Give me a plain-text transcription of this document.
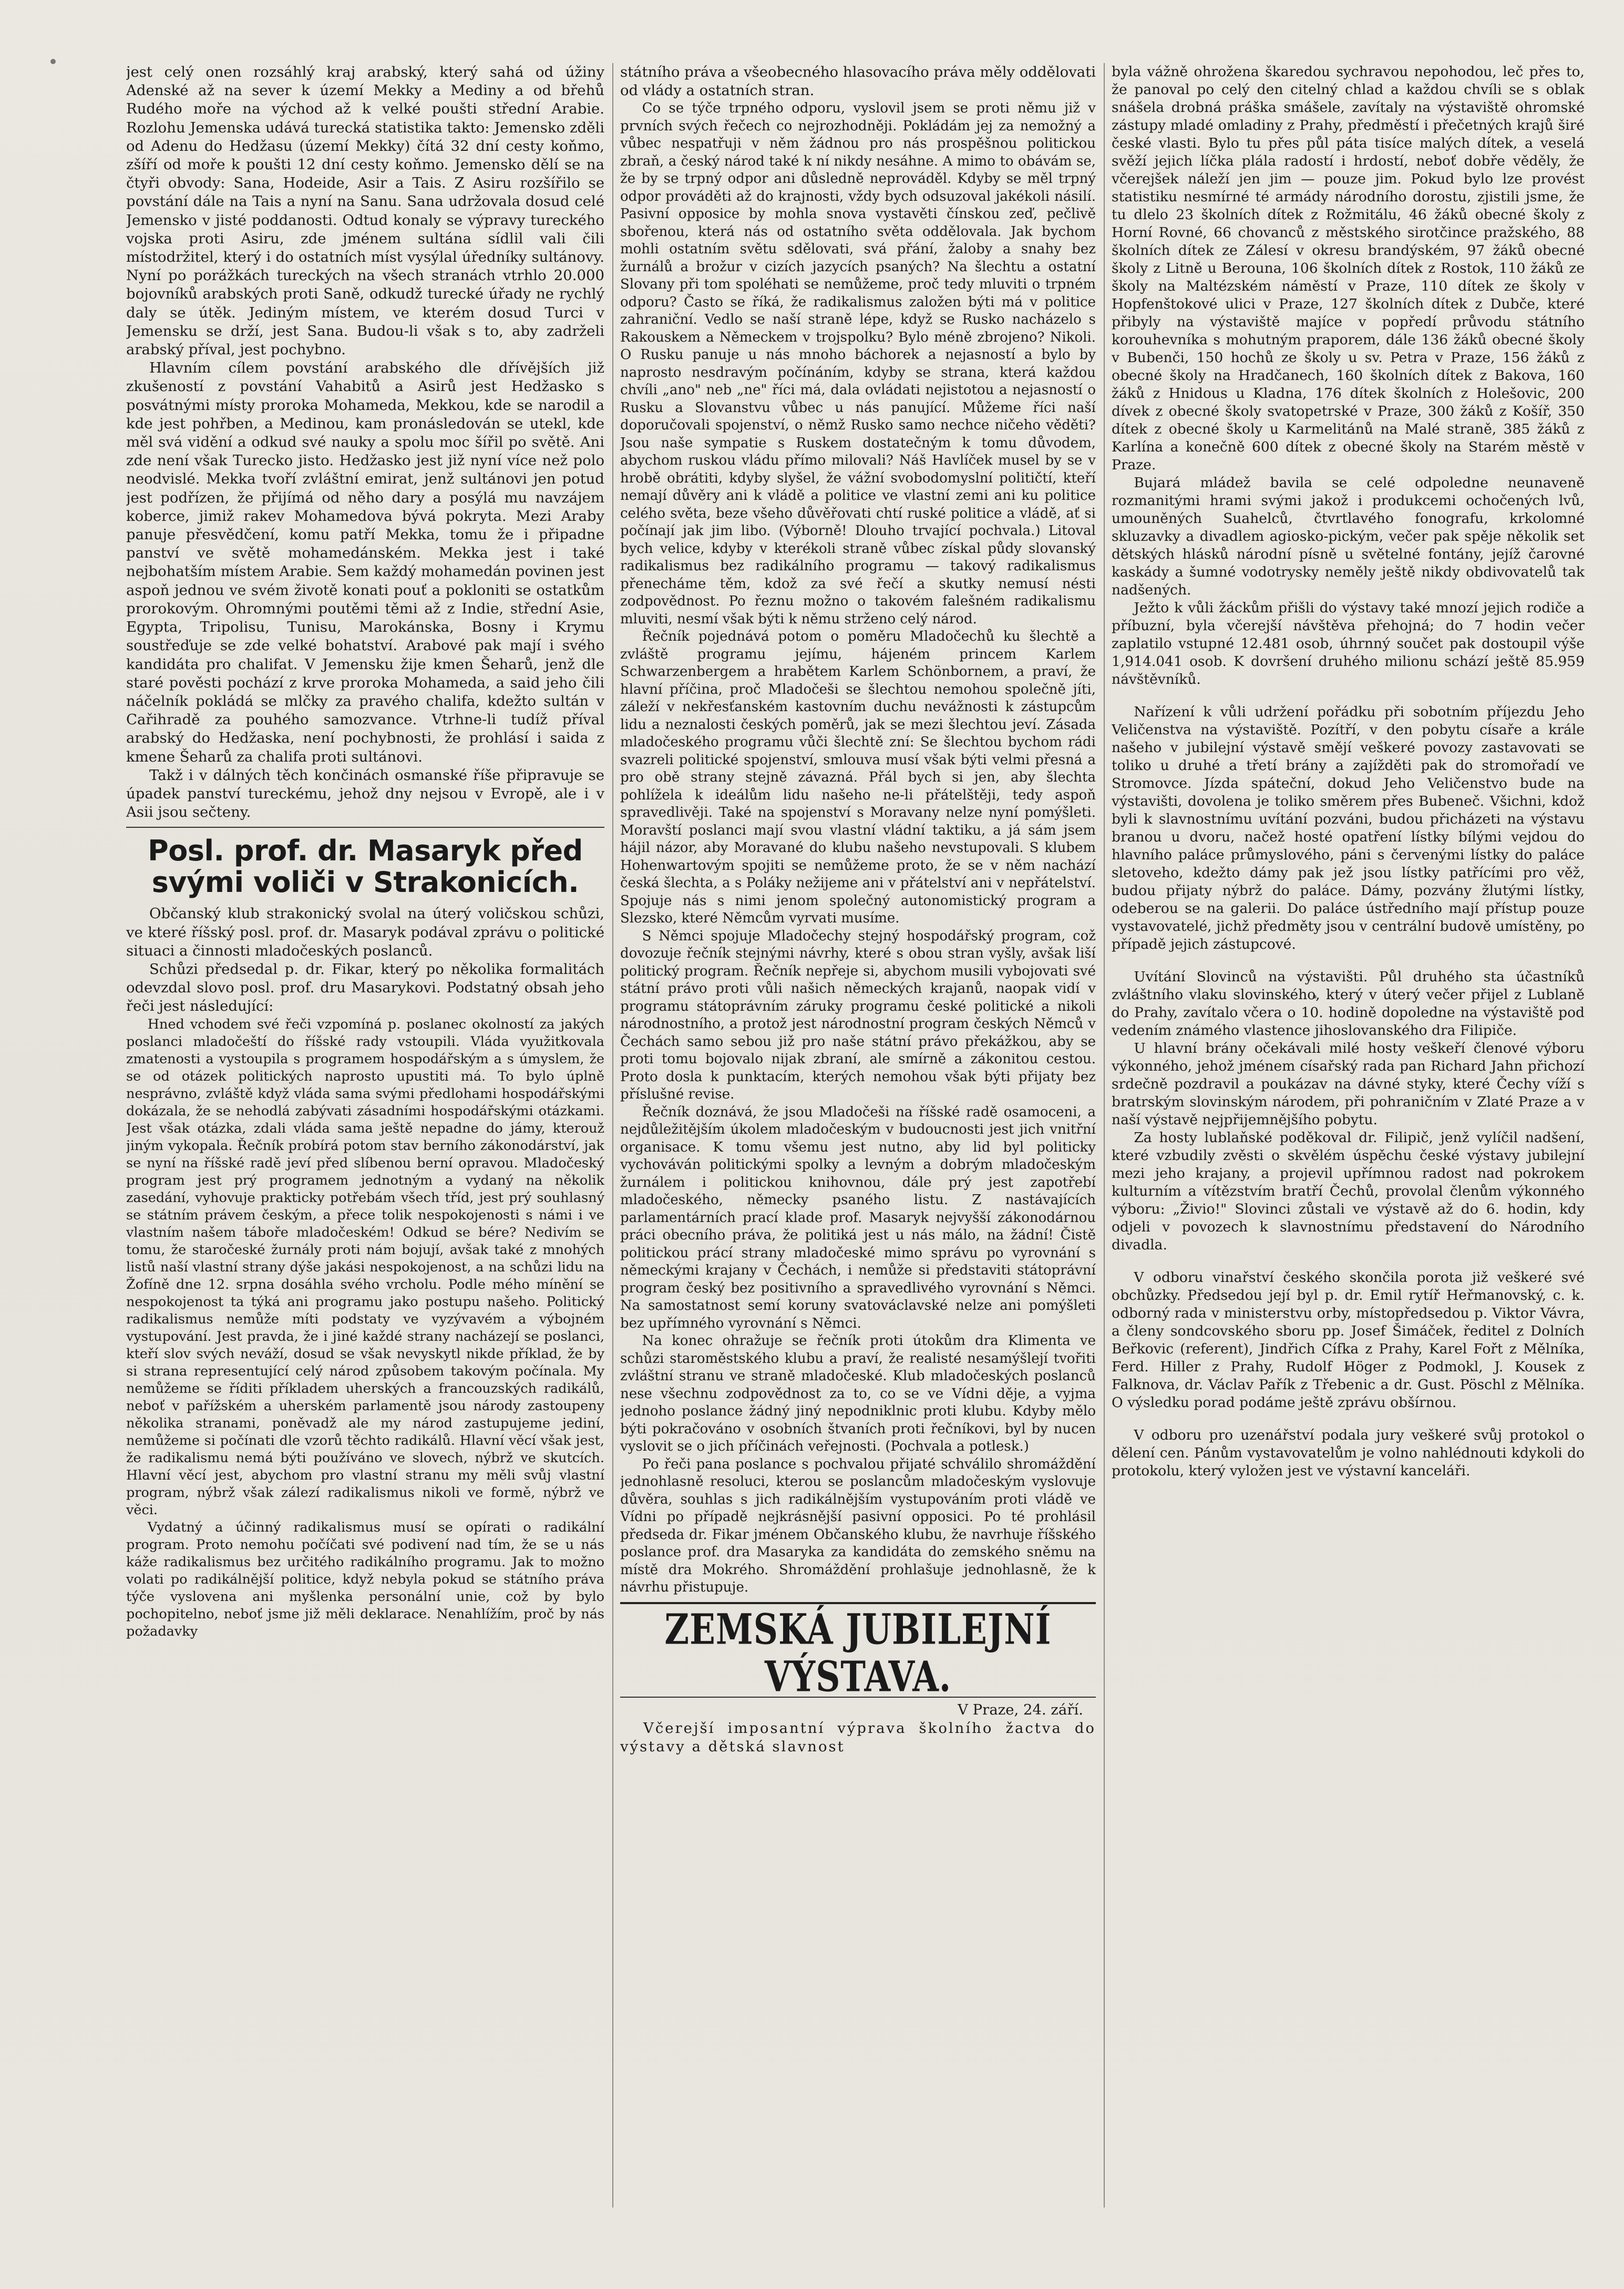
jest celý onen rozsáhlý kraj arabský, který sahá od úžiny Adenské až na sever k území Mekky a Mediny a od břehů Rudého moře na východ až k velké poušti střední Arabie. Rozlohu Jemenska udává turecká statistika takto: Jemensko zděli od Adenu do Hedžasu (území Mekky) čítá 32 dní cesty koňmo, zšíří od moře k poušti 12 dní cesty koňmo. Jemensko dělí se na čtyři obvody: Sana, Hodeide, Asir a Tais. Z Asiru rozšířilo se povstání dále na Tais a nyní na Sanu. Sana udržovala dosud celé Jemensko v jisté poddanosti. Odtud konaly se výpravy tureckého vojska proti Asiru, zde jménem sultána sídlil vali čili místodržitel, který i do ostatních míst vysýlal úředníky sultánovy. Nyní po porážkách tureckých na všech stranách vtrhlo 20.000 bojovníků arabských proti Saně, odkudž turecké úřady ne rychlý daly se útěk. Jediným místem, ve kterém dosud Turci v Jemensku se drží, jest Sana. Budou-li však s to, aby zadrželi arabský příval, jest pochybno.

Hlavním cílem povstání arabského dle dřívějších již zkušeností z povstání Vahabitů a Asirů jest Hedžasko s posvátnými místy proroka Mohameda, Mekkou, kde se narodil a kde jest pohřben, a Medinou, kam pronásledován se utekl, kde měl svá vidění a odkud své nauky a spolu moc šířil po světě. Ani zde není však Turecko jisto. Hedžasko jest již nyní více než polo neodvislé. Mekka tvoří zvláštní emirat, jenž sultánovi jen potud jest podřízen, že přijímá od něho dary a posýlá mu navzájem koberce, jimiž rakev Mohamedova bývá pokryta. Mezi Araby panuje přesvědčení, komu patří Mekka, tomu že i připadne panství ve světě mohamedánském. Mekka jest i také nejbohatším místem Arabie. Sem každý mohamedán povinen jest aspoň jednou ve svém životě konati pouť a pokloniti se ostatkům prorokovým. Ohromnými poutěmi těmi až z Indie, střední Asie, Egypta, Tripolisu, Tunisu, Marokánska, Bosny i Krymu soustřeďuje se zde velké bohatství. Arabové pak mají i svého kandidáta pro chalifat. V Jemensku žije kmen Šeharů, jenž dle staré pověsti pochází z krve proroka Mohameda, a said jeho čili náčelník pokládá se mlčky za pravého chalifa, kdežto sultán v Cařihradě za pouhého samozvance. Vtrhne-li tudíž příval arabský do Hedžaska, není pochybnosti, že prohlásí i saida z kmene Šeharů za chalifa proti sultánovi.

Takž i v dálných těch končinách osmanské říše připravuje se úpadek panství tureckému, jehož dny nejsou v Evropě, ale i v Asii jsou sečteny.

Posl. prof. dr. Masaryk před svými voliči v Strakonicích.

Občanský klub strakonický svolal na úterý voličskou schůzi, ve které říšský posl. prof. dr. Masaryk podával zprávu o politické situaci a činnosti mladočeských poslanců.

Schůzi předsedal p. dr. Fikar, který po několika formalitách odevzdal slovo posl. prof. dru Masarykovi. Podstatný obsah jeho řeči jest následující:

Hned vchodem své řeči vzpomíná p. poslanec okolností za jakých poslanci mladočeští do říšské rady vstoupili. Vláda využitkovala zmatenosti a vystoupila s programem hospodářským a s úmyslem, že se od otázek politických naprosto upustiti má. To bylo úplně nesprávno, zvláště když vláda sama svými předlohami hospodářskými dokázala, že se nehodlá zabývati zásadními hospodářskými otázkami. Jest však otázka, zdali vláda sama ještě nepadne do jámy, kterouž jiným vykopala. Řečník probírá potom stav berního zákonodárství, jak se nyní na říšské radě jeví před slíbenou berní opravou. Mladočeský program jest prý programem jednotným a vydaný na několik zasedání, vyhovuje prakticky potřebám všech tříd, jest prý souhlasný se státním právem českým, a přece tolik nespokojenosti s námi i ve vlastním našem táboře mladočeském! Odkud se bére? Nedivím se tomu, že staročeské žurnály proti nám bojují, avšak také z mnohých listů naší vlastní strany dýše jakási nespokojenost, a na schůzi lidu na Žofíně dne 12. srpna dosáhla svého vrcholu. Podle mého mínění se nespokojenost ta týká ani programu jako postupu našeho. Politický radikalismus nemůže míti podstaty ve vyzývavém a výbojném vystupování. Jest pravda, že i jiné každé strany nacházejí se poslanci, kteří slov svých neváží, dosud se však nevyskytl nikde příklad, že by si strana representující celý národ způsobem takovým počínala. My nemůžeme se říditi příkladem uherských a francouzských radikálů, neboť v pařížském a uherském parlamentě jsou národy zastoupeny několika stranami, poněvadž ale my národ zastupujeme jediní, nemůžeme si počínati dle vzorů těchto radikálů. Hlavní věcí však jest, že radikalismu nemá býti používáno ve slovech, nýbrž ve skutcích. Hlavní věcí jest, abychom pro vlastní stranu my měli svůj vlastní program, nýbrž však zálezí radikalismus nikoli ve formě, nýbrž ve věci.

Vydatný a účinný radikalismus musí se opírati o radikální program. Proto nemohu počíčati své podivení nad tím, že se u nás káže radikalismus bez určitého radikálního programu. Jak to možno volati po radikálnější politice, když nebyla pokud se státního práva týče vyslovena ani myšlenka personální unie, což by bylo pochopitelno, neboť jsme již měli deklarace. Nenahlížím, proč by nás požadavky

státního práva a všeobecného hlasovacího práva měly oddělovati od vlády a ostatních stran.

Co se týče trpného odporu, vyslovil jsem se proti němu již v prvních svých řečech co nejrozhodněji. Pokládám jej za nemožný a vůbec nespatřuji v něm žádnou pro nás prospěšnou politickou zbraň, a český národ také k ní nikdy nesáhne. A mimo to obávám se, že by se trpný odpor ani důsledně neprováděl. Kdyby se měl trpný odpor prováděti až do krajnosti, vždy bych odsuzoval jakékoli násilí. Pasivní opposice by mohla snova vystavěti čínskou zeď, pečlivě sbořenou, která nás od ostatního světa oddělovala. Jak bychom mohli ostatním světu sdělovati, svá přání, žaloby a snahy bez žurnálů a brožur v cizích jazycích psaných? Na šlechtu a ostatní Slovany při tom spoléhati se nemůžeme, proč tedy mluviti o trpném odporu? Často se říká, že radikalismus založen býti má v politice zahraniční. Vedlo se naší straně lépe, když se Rusko nacházelo s Rakouskem a Německem v trojspolku? Bylo méně zbrojeno? Nikoli. O Rusku panuje u nás mnoho báchorek a nejasností a bylo by naprosto nesdravým počínáním, kdyby se strana, která každou chvíli „ano" neb „ne" říci má, dala ovládati nejistotou a nejasností o Rusku a Slovanstvu vůbec u nás panující. Můžeme říci naší doporučovali spojenství, o němž Rusko samo nechce ničeho věděti? Jsou naše sympatie s Ruskem dostatečným k tomu důvodem, abychom ruskou vládu přímo milovali? Náš Havlíček musel by se v hrobě obrátiti, kdyby slyšel, že vážní svobodomyslní političtí, kteří nemají důvěry ani k vládě a politice ve vlastní zemi ani ku politice celého světa, beze všeho důvěřovati chtí ruské politice a vládě, ať si počínají jak jim libo. (Výborně! Dlouho trvající pochvala.) Litoval bych velice, kdyby v kterékoli straně vůbec získal půdy slovanský radikalismus bez radikálního programu — takový radikalismus přenecháme těm, kdož za své řečí a skutky nemusí nésti zodpovědnost. Po řeznu možno o takovém falešném radikalismu mluviti, nesmí však býti k němu strženo celý národ.

Řečník pojednává potom o poměru Mladočechů ku šlechtě a zvláště programu jejímu, hájeném princem Karlem Schwarzenbergem a hrabětem Karlem Schönbornem, a praví, že hlavní příčina, proč Mladočeši se šlechtou nemohou společně jíti, záleží v nekřesťanském kastovním duchu nevážnosti k zástupcům lidu a neznalosti českých poměrů, jak se mezi šlechtou jeví. Zásada mladočeského programu vůči šlechtě zní: Se šlechtou bychom rádi svazreli politické spojenství, smlouva musí však býti velmi přesná a pro obě strany stejně závazná. Přál bych si jen, aby šlechta pohlížela k ideálům lidu našeho ne-li přátelštěji, tedy aspoň spravedlivěji. Také na spojenství s Moravany nelze nyní pomýšleti. Moravští poslanci mají svou vlastní vládní taktiku, a já sám jsem hájil názor, aby Moravané do klubu našeho nevstupovali. S klubem Hohenwartovým spojiti se nemůžeme proto, že se v něm nachází česká šlechta, a s Poláky nežijeme ani v přátelství ani v nepřátelství. Spojuje nás s nimi jenom společný autonomistický program a Slezsko, které Němcům vyrvati musíme.

S Němci spojuje Mladočechy stejný hospodářský program, což dovozuje řečník stejnými návrhy, které s obou stran vyšly, avšak liší politický program. Řečník nepřeje si, abychom musili vybojovati své státní právo proti vůli našich německých krajanů, naopak vidí v programu státoprávním záruky programu české politické a nikoli národnostního, a protož jest národnostní program českých Němců v Čechách samo sebou již pro naše státní právo překážkou, aby se proti tomu bojovalo nijak zbraní, ale smírně a zákonitou cestou. Proto dosla k punktacím, kterých nemohou však býti přijaty bez příslušné revise.

Řečník doznává, že jsou Mladočeši na říšské radě osamoceni, a nejdůležitějším úkolem mladočeským v budoucnosti jest jich vnitřní organisace. K tomu všemu jest nutno, aby lid byl politicky vychováván politickými spolky a levným a dobrým mladočeským žurnálem i politickou knihovnou, dále prý jest zapotřebí mladočeského, německy psaného listu. Z nastávajících parlamentárních prací klade prof. Masaryk nejvyšší zákonodárnou práci obecního práva, že politiká jest u nás málo, na žádní! Čistě politickou prácí strany mladočeské mimo správu po vyrovnání s německými krajany v Čechách, i nemůže si představiti státoprávní program český bez positivního a spravedlivého vyrovnání s Němci. Na samostatnost semí koruny svatováclavské nelze ani pomýšleti bez upřímného vyrovnání s Němci.

Na konec ohražuje se řečník proti útokům dra Klimenta ve schůzi staroměstského klubu a praví, že realisté nesamýšlejí tvořiti zvláštní stranu ve straně mladočeské. Klub mladočeských poslanců nese všechnu zodpovědnost za to, co se ve Vídni děje, a vyjma jednoho poslance žádný jiný nepodniklnic proti klubu. Kdyby mělo býti pokračováno v osobních štvaních proti řečníkovi, byl by nucen vyslovit se o jich příčinách veřejnosti. (Pochvala a potlesk.)

Po řeči pana poslance s pochvalou přijaté schválilo shromáždění jednohlasně resoluci, kterou se poslancům mladočeským vyslovuje důvěra, souhlas s jich radikálnějším vystupováním proti vládě ve Vídni po případě nejkrásnější pasivní opposici. Po té prohlásil předseda dr. Fikar jménem Občanského klubu, že navrhuje říšského poslance prof. dra Masaryka za kandidáta do zemského sněmu na místě dra Mokrého. Shromáždění prohlašuje jednohlasně, že k návrhu přistupuje.

ZEMSKÁ JUBILEJNÍ VÝSTAVA.
V Praze, 24. září.

Včerejší imposantní výprava školního žactva do výstavy a dětská slavnost

byla vážně ohrožena škaredou sychravou nepohodou, leč přes to, že panoval po celý den citelný chlad a každou chvíli se s oblak snášela drobná práška smášele, zavítaly na výstaviště ohromské zástupy mladé omladiny z Prahy, předměstí i přečetných krajů širé české vlasti. Bylo tu přes půl páta tisíce malých dítek, a veselá svěží jejich líčka plála radostí i hrdostí, neboť dobře věděly, že včerejšek náleží jen jim — pouze jim. Pokud bylo lze provést statistiku nesmírné té armády národního dorostu, zjistili jsme, že tu dlelo 23 školních dítek z Rožmitálu, 46 žáků obecné školy z Horní Rovné, 66 chovanců z městského sirotčince pražského, 88 školních dítek ze Zálesí v okresu brandýském, 97 žáků obecné školy z Litně u Berouna, 106 školních dítek z Rostok, 110 žáků ze školy na Maltézském náměstí v Praze, 110 dítek ze školy v Hopfenštokové ulici v Praze, 127 školních dítek z Dubče, které přibyly na výstaviště majíce v popředí průvodu státního korouhevníka s mohutným praporem, dále 136 žáků obecné školy v Bubenči, 150 hochů ze školy u sv. Petra v Praze, 156 žáků z obecné školy na Hradčanech, 160 školních dítek z Bakova, 160 žáků z Hnidous u Kladna, 176 dítek školních z Holešovic, 200 dívek z obecné školy svatopetrské v Praze, 300 žáků z Košíř, 350 dítek z obecné školy u Karmelitánů na Malé straně, 385 žáků z Karlína a konečně 600 dítek z obecné školy na Starém městě v Praze.

Bujará mládež bavila se celé odpoledne neunaveně rozmanitými hrami svými jakož i produkcemi ochočených lvů, umouněných Suahelců, čtvrtlavého fonografu, krkolomné skluzavky a divadlem agiosko-pickým, večer pak spěje několik set dětských hlásků národní písně u světelné fontány, jejíž čarovné kaskády a šumné vodotrysky neměly ještě nikdy obdivovatelů tak nadšených.

Ježto k vůli žáckům přišli do výstavy také mnozí jejich rodiče a příbuzní, byla včerejší návštěva přehojná; do 7 hodin večer zaplatilo vstupné 12.481 osob, úhrnný součet pak dostoupil výše 1,914.041 osob. K dovršení druhého milionu schází ještě 85.959 návštěvníků.

Nařízení k vůli udržení pořádku při sobotním příjezdu Jeho Veličenstva na výstaviště. Pozítří, v den pobytu císaře a krále našeho v jubilejní výstavě smějí veškeré povozy zastavovati se toliko u druhé a třetí brány a zajížděti pak do stromořadí ve Stromovce. Jízda spáteční, dokud Jeho Veličenstvo bude na výstavišti, dovolena je toliko směrem přes Bubeneč. Všichni, kdož byli k slavnostnímu uvítání pozváni, budou přicházeti na výstavu branou u dvoru, načež hosté opatření lístky bílými vejdou do hlavního paláce průmyslového, páni s červenými lístky do paláce sletoveho, kdežto dámy pak jež jsou lístky patřícími pro věž, budou přijaty nýbrž do paláce. Dámy, pozvány žlutými lístky, odeberou se na galerii. Do paláce ústředního mají přístup pouze vystavovatelé, jichž předměty jsou v centrální budově umístěny, po případě jejich zástupcové.

Uvítání Slovinců na výstavišti. Půl druhého sta účastníků zvláštního vlaku slovinského, který v úterý večer přijel z Lublaně do Prahy, zavítalo včera o 10. hodině dopoledne na výstaviště pod vedením známého vlastence jihoslovanského dra Filipiče.

U hlavní brány očekávali milé hosty veškeří členové výboru výkonného, jehož jménem císařský rada pan Richard Jahn přichozí srdečně pozdravil a poukázav na dávné styky, které Čechy víží s bratrským slovinským národem, při pohraničním v Zlaté Praze a v naší výstavě nejpřijemnějšího pobytu.

Za hosty lublaňské poděkoval dr. Filipič, jenž vylíčil nadšení, které vzbudily zvěsti o skvělém úspěchu české výstavy jubilejní mezi jeho krajany, a projevil upřímnou radost nad pokrokem kulturním a vítězstvím bratří Čechů, provolal členům výkonného výboru: „Živio!" Slovinci zůstali ve výstavě až do 6. hodin, kdy odjeli v povozech k slavnostnímu představení do Národního divadla.

V odboru vinařství českého skončila porota již veškeré své obchůzky. Předsedou její byl p. dr. Emil rytíř Heřmanovský, c. k. odborný rada v ministerstvu orby, místopředsedou p. Viktor Vávra, a členy sondcovského sboru pp. Josef Šimáček, ředitel z Dolních Beřkovic (referent), Jindřich Cífka z Prahy, Karel Fořt z Mělníka, Ferd. Hiller z Prahy, Rudolf Höger z Podmokl, J. Kousek z Falknova, dr. Václav Pařík z Třebenic a dr. Gust. Pöschl z Mělníka. O výsledku porad podáme ještě zprávu obšírnou.

V odboru pro uzenářství podala jury veškeré svůj protokol o dělení cen. Pánům vystavovatelům je volno nahlédnouti kdykoli do protokolu, který vyložen jest ve výstavní kanceláři.
